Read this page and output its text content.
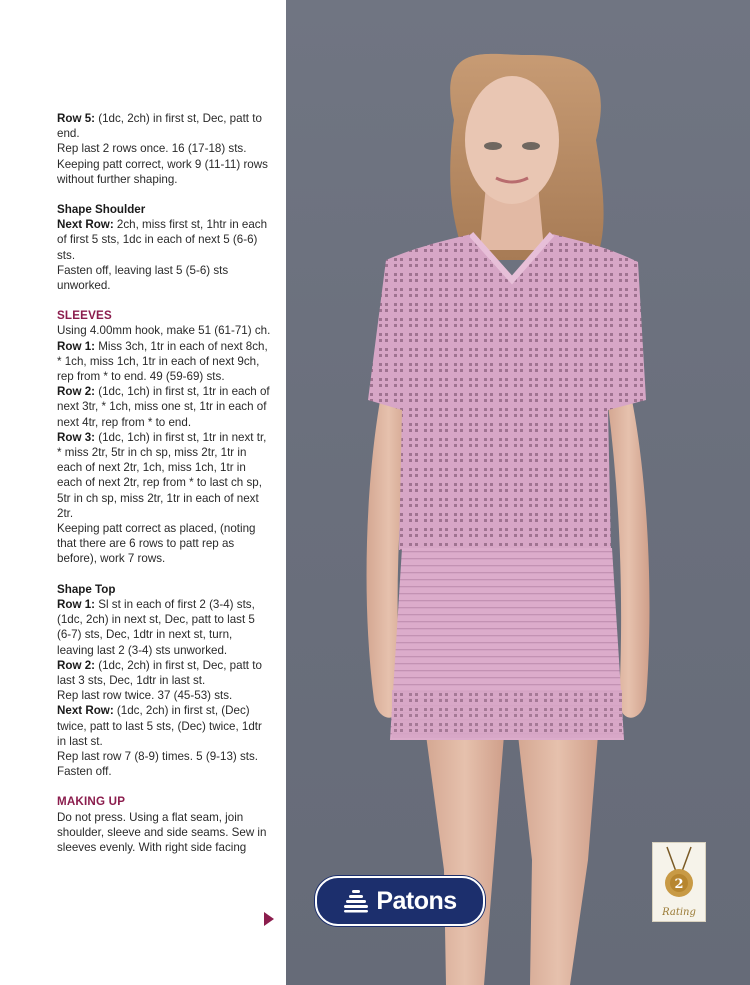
Row 5: (1dc, 2ch) in first st, Dec, patt to end.

Rep last 2 rows once. 16 (17-18) sts.

Keeping patt correct, work 9 (11-11) rows without further shaping.

Shape Shoulder

Next Row: 2ch, miss first st, 1htr in each of first 5 sts, 1dc in each of next 5 (6-6) sts.

Fasten off, leaving last 5 (5-6) sts unworked.

SLEEVES

Using 4.00mm hook, make 51 (61-71) ch.

Row 1: Miss 3ch, 1tr in each of next 8ch, * 1ch, miss 1ch, 1tr in each of next 9ch, rep from * to end. 49 (59-69) sts.

Row 2: (1dc, 1ch) in first st, 1tr in each of next 3tr, * 1ch, miss one st, 1tr in each of next 4tr, rep from * to end.

Row 3: (1dc, 1ch) in first st, 1tr in next tr, * miss 2tr, 5tr in ch sp, miss 2tr, 1tr in each of next 2tr, 1ch, miss 1ch, 1tr in each of next 2tr, rep from * to last ch sp, 5tr in ch sp, miss 2tr, 1tr in each of next 2tr.

Keeping patt correct as placed, (noting that there are 6 rows to patt rep as before), work 7 rows.

Shape Top

Row 1: Sl st in each of first 2 (3-4) sts, (1dc, 2ch) in next st, Dec, patt to last 5 (6-7) sts, Dec, 1dtr in next st, turn, leaving last 2 (3-4) sts unworked.

Row 2: (1dc, 2ch) in first st, Dec, patt to last 3 sts, Dec, 1dtr in last st.

Rep last row twice. 37 (45-53) sts.

Next Row: (1dc, 2ch) in first st, (Dec) twice, patt to last 5 sts, (Dec) twice, 1dtr in last st.

Rep last row 7 (8-9) times. 5 (9-13) sts.

Fasten off.

MAKING UP

Do not press. Using a flat seam, join shoulder, sleeve and side seams. Sew in sleeves evenly. With right side facing

Patons
2
Rating
